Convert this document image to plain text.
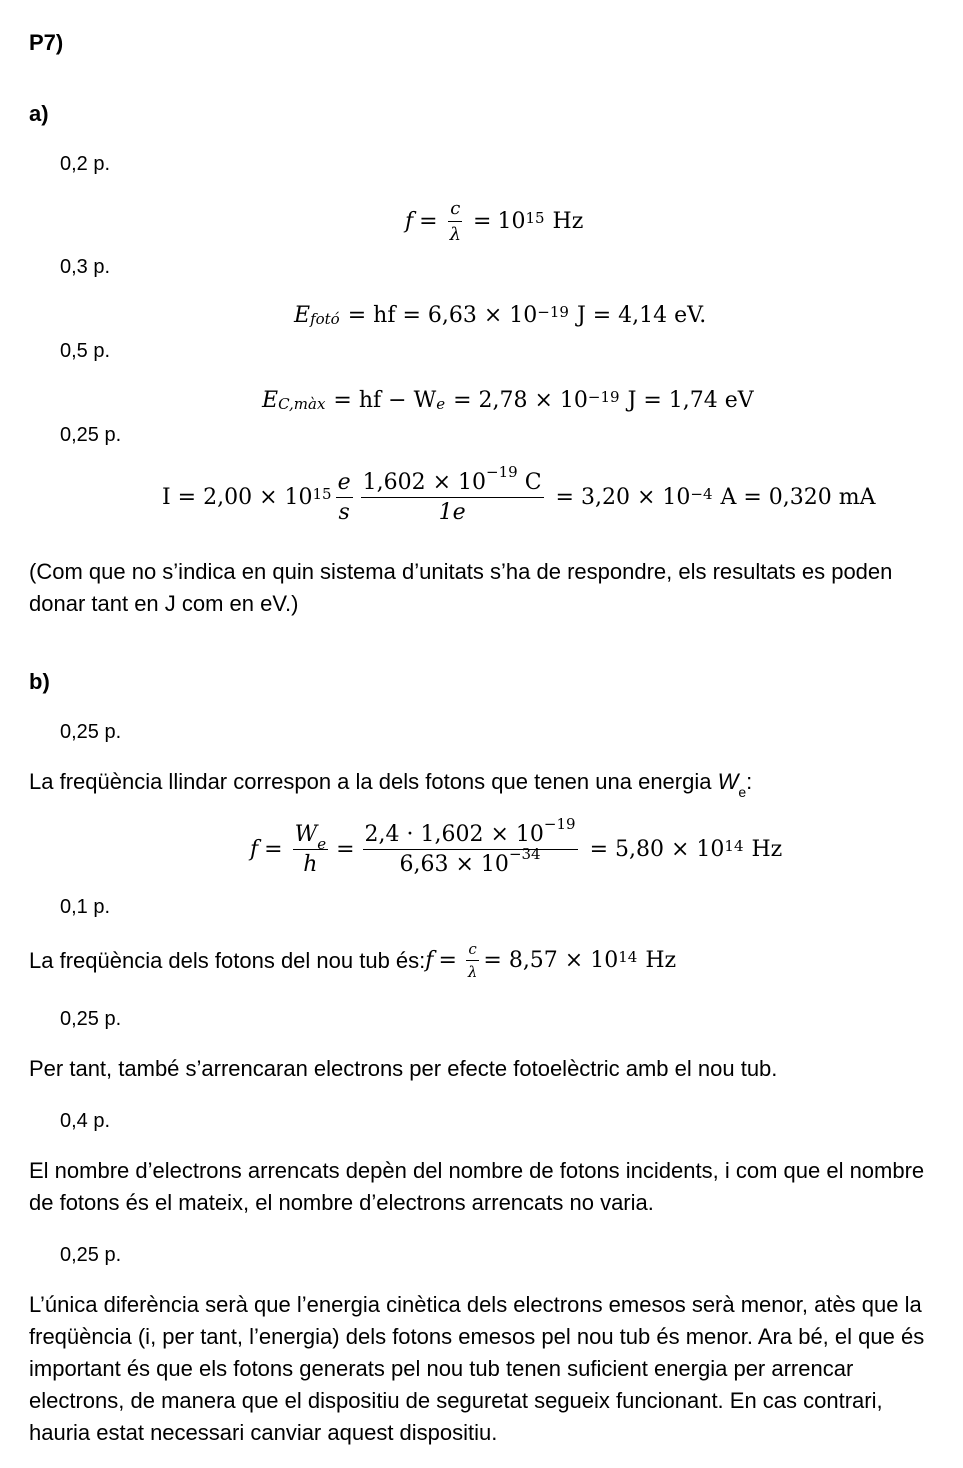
P7)
a)
0,2 p.
$f = \frac{c}{\lambda} = 10^{15}$ Hz
0,3 p.
$E_{fotó}$ = hf = $6,63 \times 10^{-19}$ J = 4,14 eV.
0,5 p.
$E_{C,màx}$ = hf − $W_e = 2,78 \times 10^{-19}$ J = 1,74 eV
0,25 p.
$I = 2,00 \times 10^{15} \frac{e}{s} \frac{1,602 \times 10^{-19} C}{1e} = 3,20 \times 10^{-4}$ A = 0,320 mA
(Com que no s’indica en quin sistema d’unitats s’ha de respondre, els resultats es poden donar tant en J com en eV.)
b)
0,25 p.
La freqüència llindar correspon a la dels fotons que tenen una energia $W_e$:
$f = \frac{W_e}{h} = \frac{2,4 \cdot 1,602 \times 10^{-19}}{6,63 \times 10^{-34}} = 5,80 \times 10^{14}$ Hz
0,1 p.
La freqüència dels fotons del nou tub és: $f = \frac{c}{\lambda} = 8,57 \times 10^{14}$ Hz
0,25 p.
Per tant, també s’arrencaran electrons per efecte fotoelèctric amb el nou tub.
0,4 p.
El nombre d’electrons arrencats depèn del nombre de fotons incidents, i com que el nombre de fotons és el mateix, el nombre d’electrons arrencats no varia.
0,25 p.
L’única diferència serà que l’energia cinètica dels electrons emesos serà menor, atès que la freqüència (i, per tant, l’energia) dels fotons emesos pel nou tub és menor. Ara bé, el que és important és que els fotons generats pel nou tub tenen suficient energia per arrencar electrons, de manera que el dispositiu de seguretat segueix funcionant. En cas contrari, hauria estat necessari canviar aquest dispositiu.
